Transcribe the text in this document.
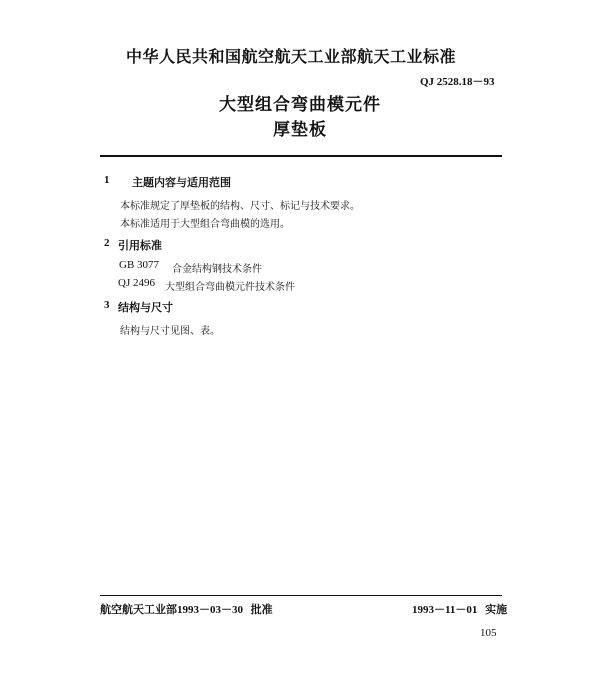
中华人民共和国航空航天工业部航天工业标准
QJ 2528.18－93
大型组合弯曲模元件
厚垫板
1 主题内容与适用范围
本标准规定了厚垫板的结构、尺寸、标记与技术要求。
本标准适用于大型组合弯曲模的选用。
2 引用标准
GB 3077 合金结构钢技术条件
QJ 2496 大型组合弯曲模元件技术条件
3 结构与尺寸
结构与尺寸见图、表。
航空航天工业部1993－03－30 批准	1993－11－01 实施
105
